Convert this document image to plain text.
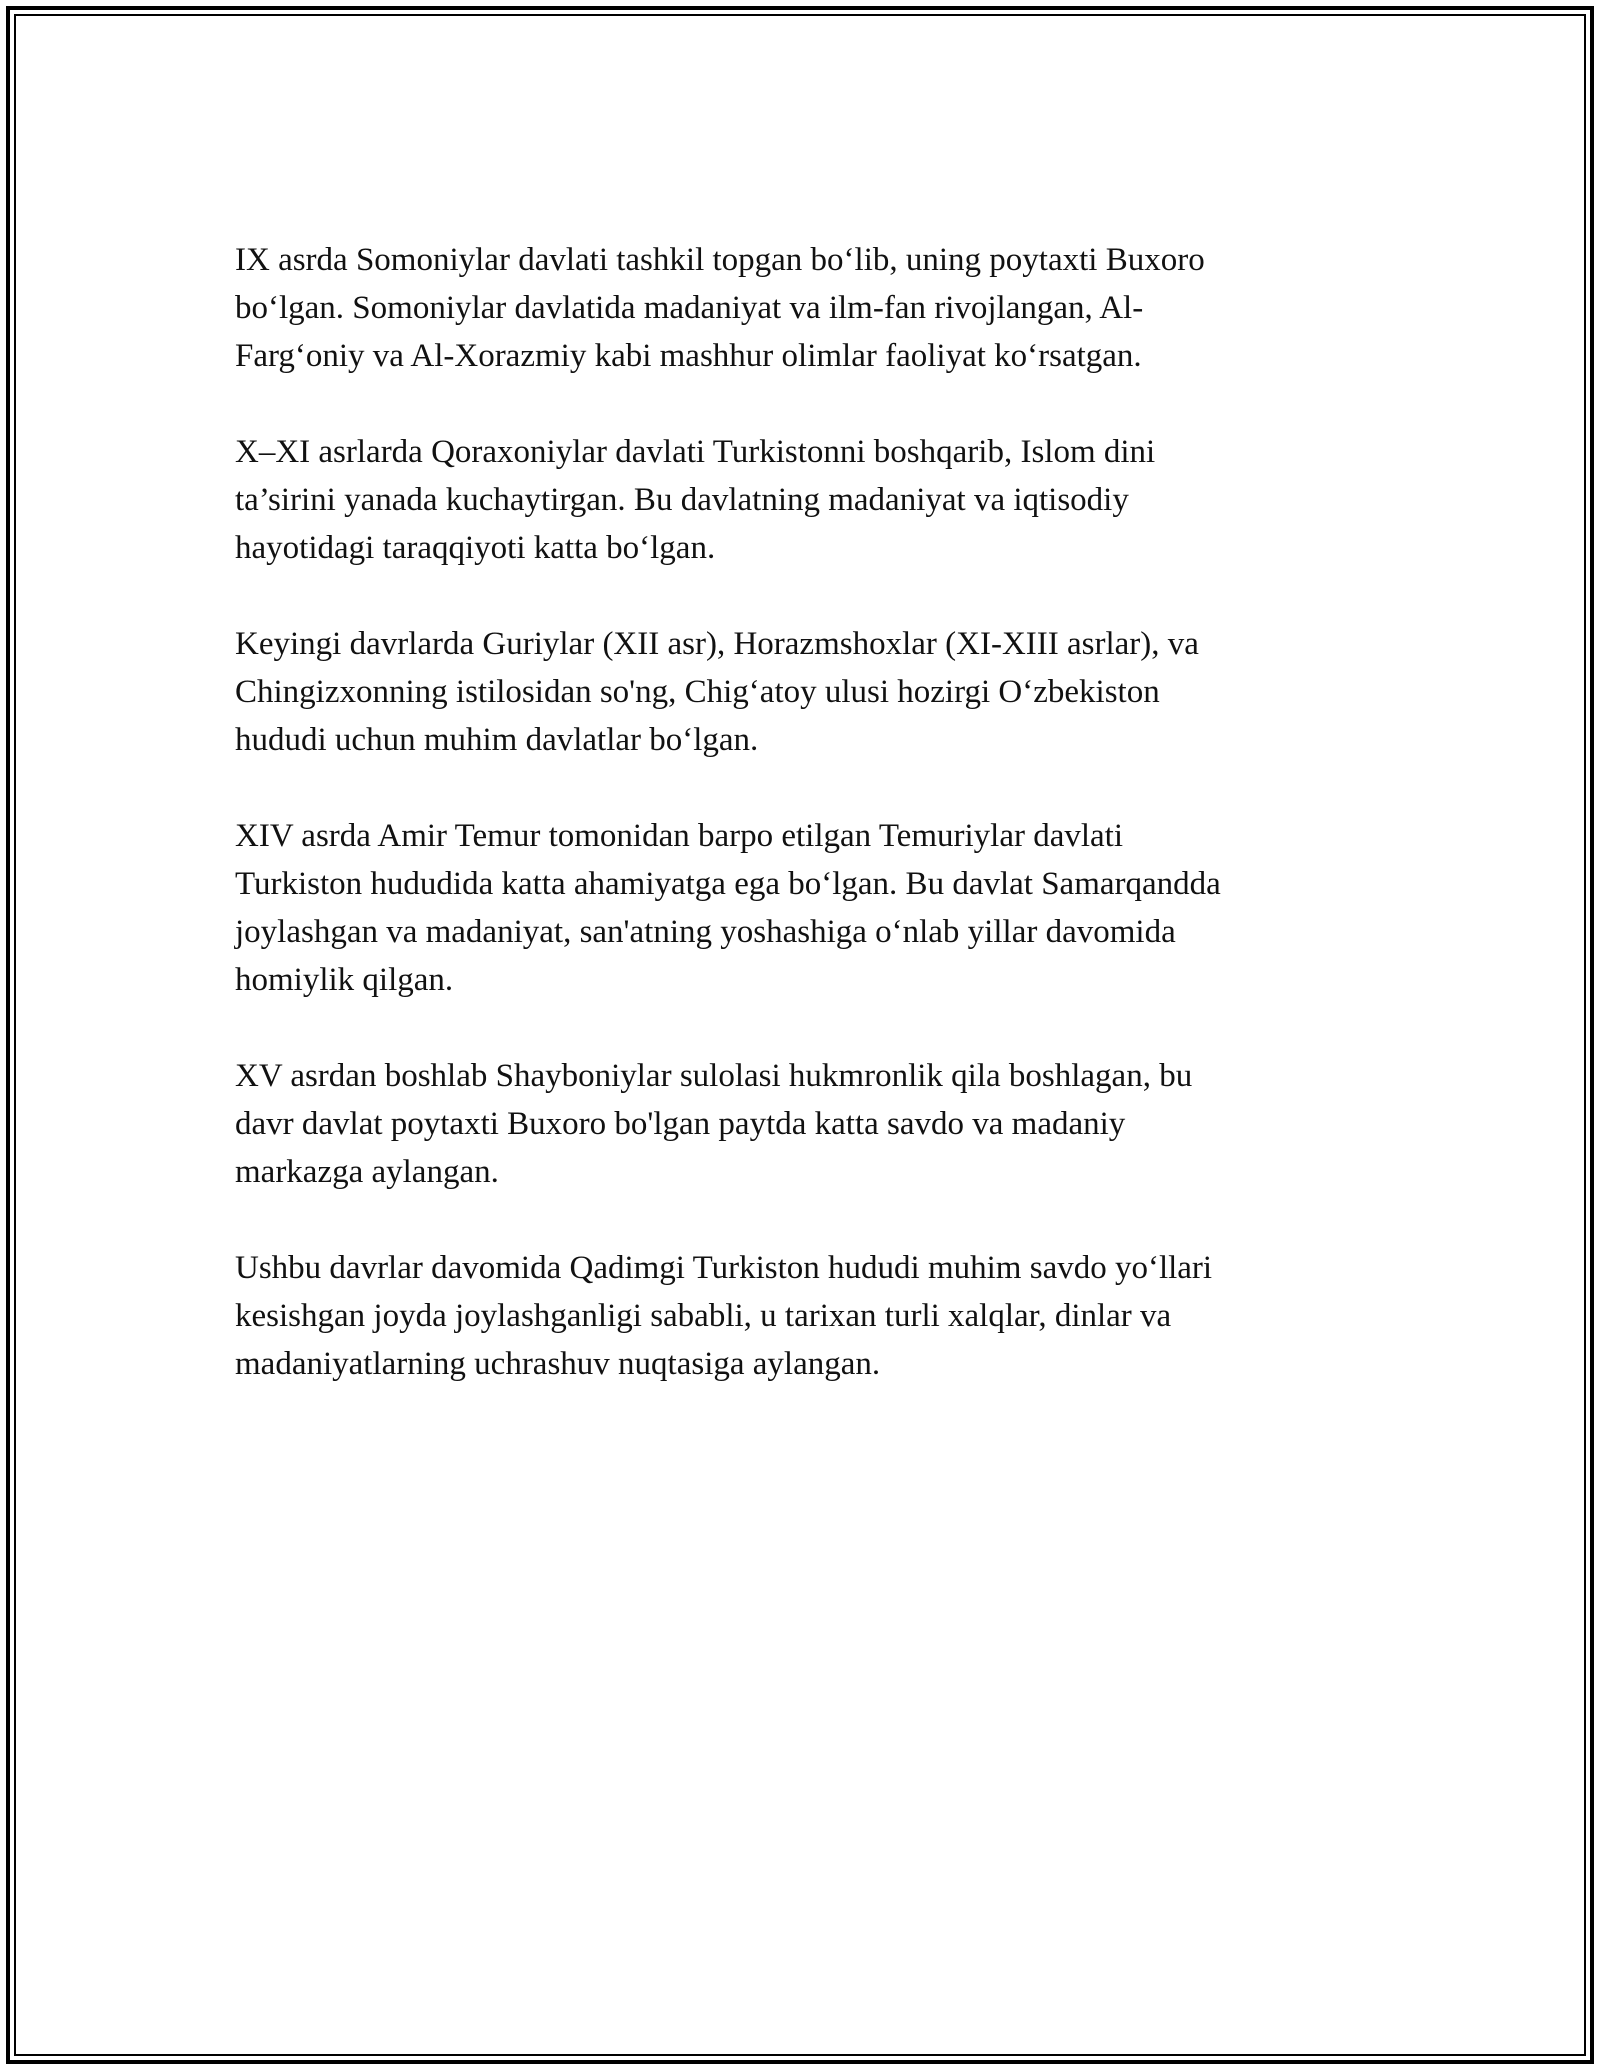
IX asrda Somoniylar davlati tashkil topgan bo‘lib, uning poytaxti Buxoro
bo‘lgan. Somoniylar davlatida madaniyat va ilm-fan rivojlangan, Al-
Farg‘oniy va Al-Xorazmiy kabi mashhur olimlar faoliyat ko‘rsatgan.

X–XI asrlarda Qoraxoniylar davlati Turkistonni boshqarib, Islom dini
ta’sirini yanada kuchaytirgan. Bu davlatning madaniyat va iqtisodiy
hayotidagi taraqqiyoti katta bo‘lgan.

Keyingi davrlarda Guriylar (XII asr), Horazmshoxlar (XI-XIII asrlar), va
Chingizxonning istilosidan so'ng, Chig‘atoy ulusi hozirgi O‘zbekiston
hududi uchun muhim davlatlar bo‘lgan.

XIV asrda Amir Temur tomonidan barpo etilgan Temuriylar davlati
Turkiston hududida katta ahamiyatga ega bo‘lgan. Bu davlat Samarqandda
joylashgan va madaniyat, san'atning yoshashiga o‘nlab yillar davomida
homiylik qilgan.

XV asrdan boshlab Shayboniylar sulolasi hukmronlik qila boshlagan, bu
davr davlat poytaxti Buxoro bo'lgan paytda katta savdo va madaniy
markazga aylangan.

Ushbu davrlar davomida Qadimgi Turkiston hududi muhim savdo yo‘llari
kesishgan joyda joylashganligi sababli, u tarixan turli xalqlar, dinlar va
madaniyatlarning uchrashuv nuqtasiga aylangan.
